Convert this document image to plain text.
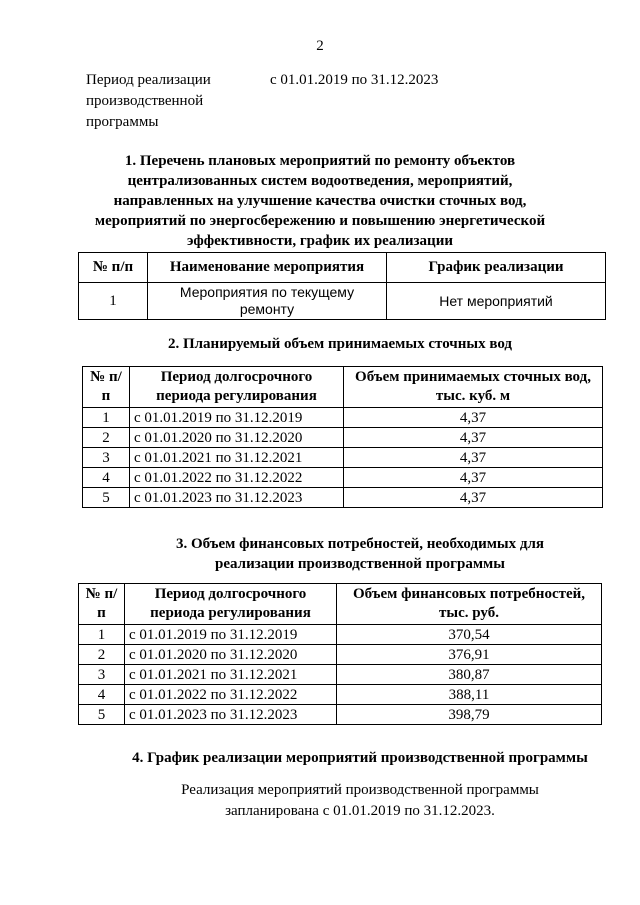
2
Период реализации
производственной
программы
с 01.01.2019 по 31.12.2023
1. Перечень плановых мероприятий по ремонту объектов
централизованных систем водоотведения, мероприятий,
направленных на улучшение качества очистки сточных вод,
мероприятий по энергосбережению и повышению энергетической
эффективности, график их реализации
№ п/п	Наименование мероприятия	График реализации
1	Мероприятия по текущему ремонту	Нет мероприятий
2. Планируемый объем принимаемых сточных вод
№ п/п	Период долгосрочного периода регулирования	Объем принимаемых сточных вод, тыс. куб. м
1	с 01.01.2019 по 31.12.2019	4,37
2	с 01.01.2020 по 31.12.2020	4,37
3	с 01.01.2021 по 31.12.2021	4,37
4	с 01.01.2022 по 31.12.2022	4,37
5	с 01.01.2023 по 31.12.2023	4,37
3. Объем финансовых потребностей, необходимых для
реализации производственной программы
№ п/п	Период долгосрочного периода регулирования	Объем финансовых потребностей, тыс. руб.
1	с 01.01.2019 по 31.12.2019	370,54
2	с 01.01.2020 по 31.12.2020	376,91
3	с 01.01.2021 по 31.12.2021	380,87
4	с 01.01.2022 по 31.12.2022	388,11
5	с 01.01.2023 по 31.12.2023	398,79
4. График реализации мероприятий производственной программы
Реализация мероприятий производственной программы
запланирована с 01.01.2019 по 31.12.2023.
